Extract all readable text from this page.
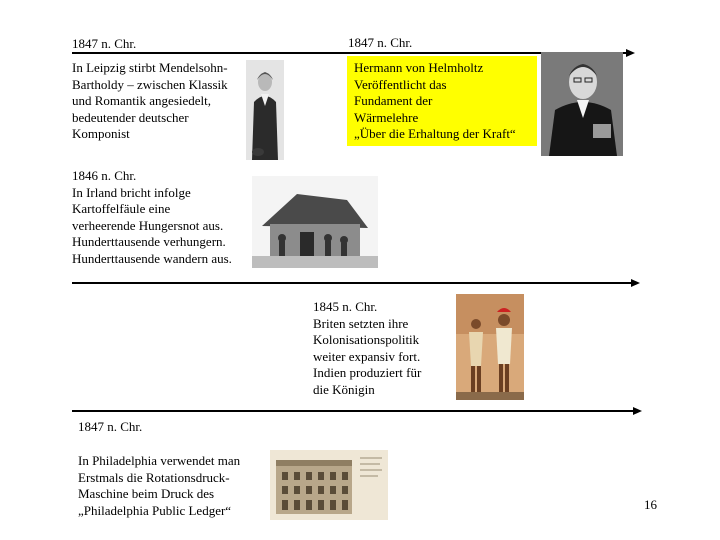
1847 n. Chr.
In Leipzig stirbt Mendelsohn-
Bartholdy – zwischen Klassik
und Romantik angesiedelt,
bedeutender deutscher
Komponist
1847 n. Chr.
Hermann von Helmholtz
Veröffentlicht das
Fundament der
Wärmelehre
„Über die Erhaltung der Kraft“
1846 n. Chr.
In Irland bricht infolge
Kartoffelfäule eine
verheerende Hungersnot aus.
Hunderttausende verhungern.
Hunderttausende wandern aus.
1845 n. Chr.
Briten setzten ihre
Kolonisationspolitik
weiter expansiv fort.
Indien produziert für
die Königin
1847 n. Chr.
In Philadelphia verwendet man
Erstmals die Rotationsdruck-
Maschine beim Druck des
„Philadelphia Public Ledger“	16
